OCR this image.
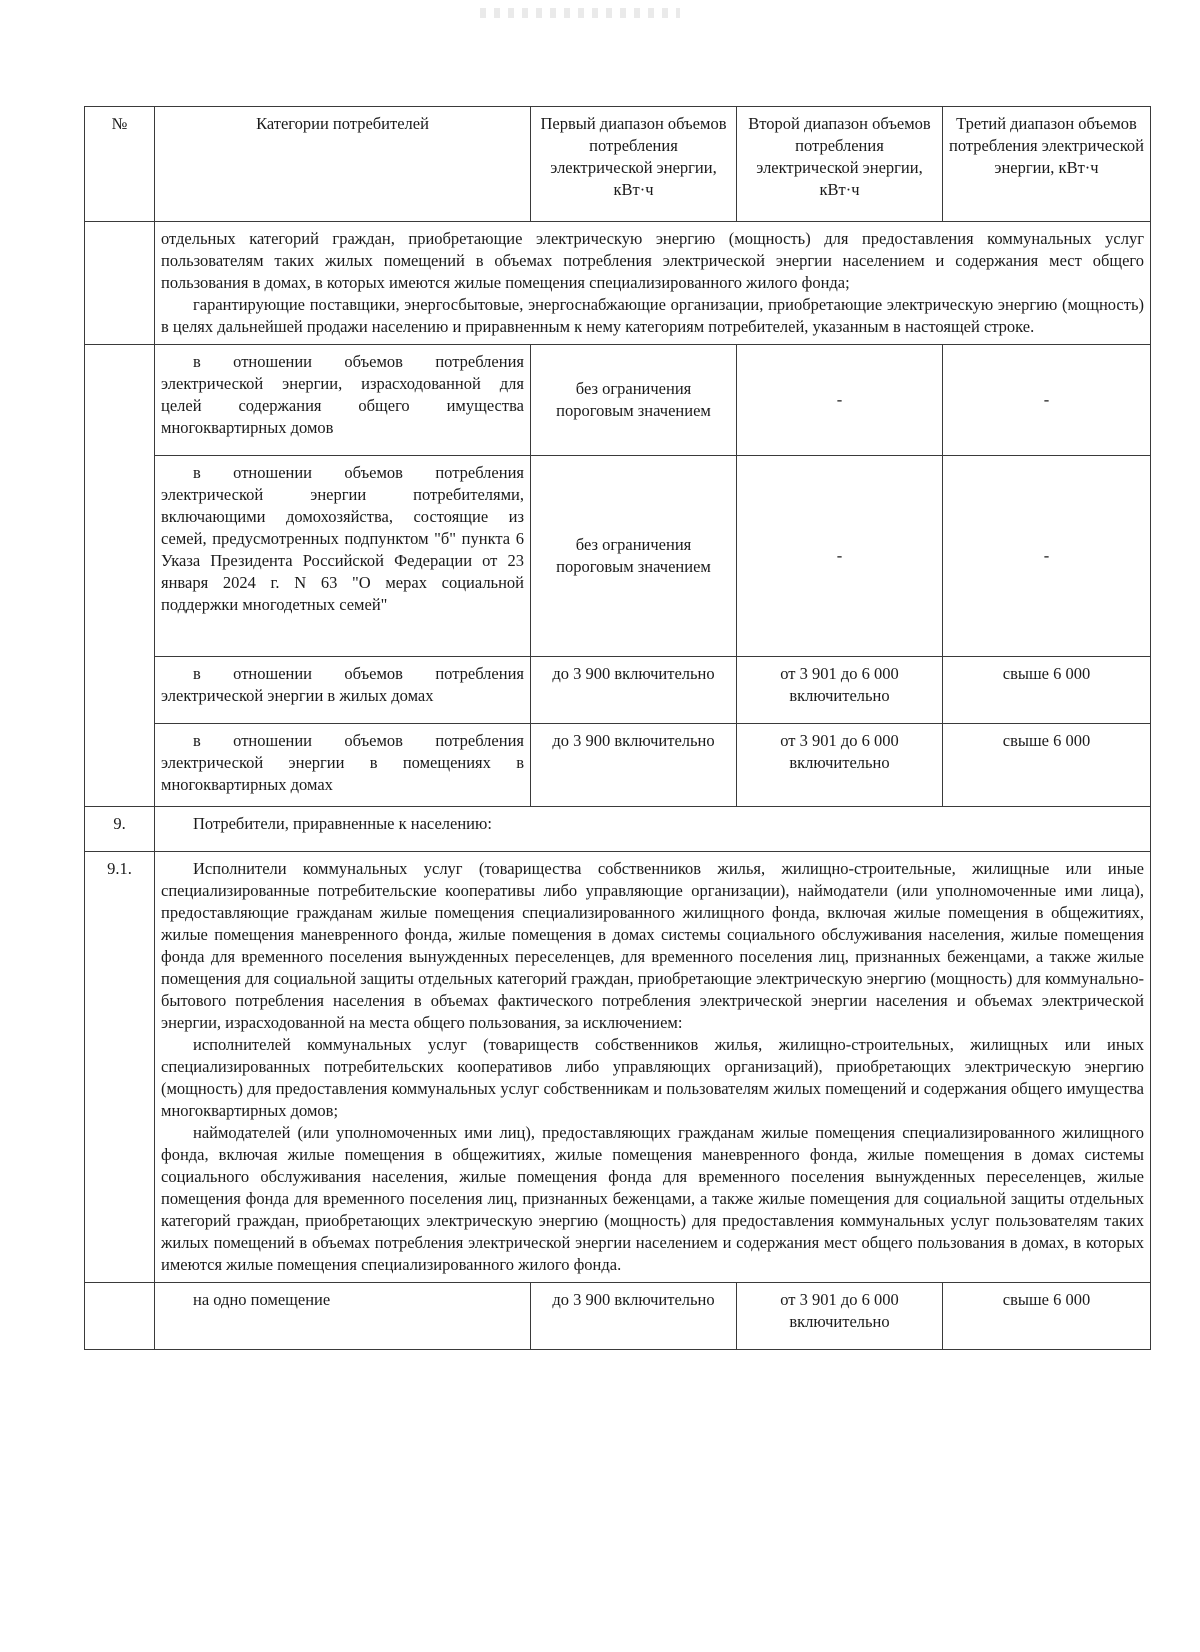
№	Категории потребителей	Первый диапазон объемов потребления электрической энергии, кВт·ч	Второй диапазон объемов потребления электрической энергии, кВт·ч	Третий диапазон объемов потребления электрической энергии, кВт·ч

	отдельных категорий граждан, приобретающие электрическую энергию (мощность) для предоставления коммунальных услуг пользователям таких жилых помещений в объемах потребления электрической энергии населением и содержания мест общего пользования в домах, в которых имеются жилые помещения специализированного жилого фонда;

гарантирующие поставщики, энергосбытовые, энергоснабжающие организации, приобретающие электрическую энергию (мощность) в целях дальнейшей продажи населению и приравненным к нему категориям потребителей, указанным в настоящей строке.			

	в отношении объемов потребления электрической энергии, израсходованной для целей содержания общего имущества многоквартирных домов	без ограничения пороговым значением	-	-
	в отношении объемов потребления электрической энергии потребителями, включающими домохозяйства, состоящие из семей, предусмотренных подпунктом "б" пункта 6 Указа Президента Российской Федерации от 23 января 2024 г. N 63 "О мерах социальной поддержки многодетных семей"	без ограничения пороговым значением	-	-
	в отношении объемов потребления электрической энергии в жилых домах	до 3 900 включительно	от 3 901 до 6 000 включительно	свыше 6 000
	в отношении объемов потребления электрической энергии в помещениях в многоквартирных домах	до 3 900 включительно	от 3 901 до 6 000 включительно	свыше 6 000
9.	Потребители, приравненные к населению:			
9.1.	Исполнители коммунальных услуг (товарищества собственников жилья, жилищно-строительные, жилищные или иные специализированные потребительские кооперативы либо управляющие организации), наймодатели (или уполномоченные ими лица), предоставляющие гражданам жилые помещения специализированного жилищного фонда, включая жилые помещения в общежитиях, жилые помещения маневренного фонда, жилые помещения в домах системы социального обслуживания населения, жилые помещения фонда для временного поселения вынужденных переселенцев, для временного поселения лиц, признанных беженцами, а также жилые помещения для социальной защиты отдельных категорий граждан, приобретающие электрическую энергию (мощность) для коммунально-бытового потребления населения в объемах фактического потребления электрической энергии населения и объемах электрической энергии, израсходованной на места общего пользования, за исключением:

исполнителей коммунальных услуг (товариществ собственников жилья, жилищно-строительных, жилищных или иных специализированных потребительских кооперативов либо управляющих организаций), приобретающих электрическую энергию (мощность) для предоставления коммунальных услуг собственникам и пользователям жилых помещений и содержания общего имущества многоквартирных домов;

наймодателей (или уполномоченных ими лиц), предоставляющих гражданам жилые помещения специализированного жилищного фонда, включая жилые помещения в общежитиях, жилые помещения маневренного фонда, жилые помещения в домах системы социального обслуживания населения, жилые помещения фонда для временного поселения вынужденных переселенцев, жилые помещения фонда для временного поселения лиц, признанных беженцами, а также жилые помещения для социальной защиты отдельных категорий граждан, приобретающих электрическую энергию (мощность) для предоставления коммунальных услуг пользователям таких жилых помещений в объемах потребления электрической энергии населением и содержания мест общего пользования в домах, в которых имеются жилые помещения специализированного жилого фонда.			

	на одно помещение	до 3 900 включительно	от 3 901 до 6 000 включительно	свыше 6 000
